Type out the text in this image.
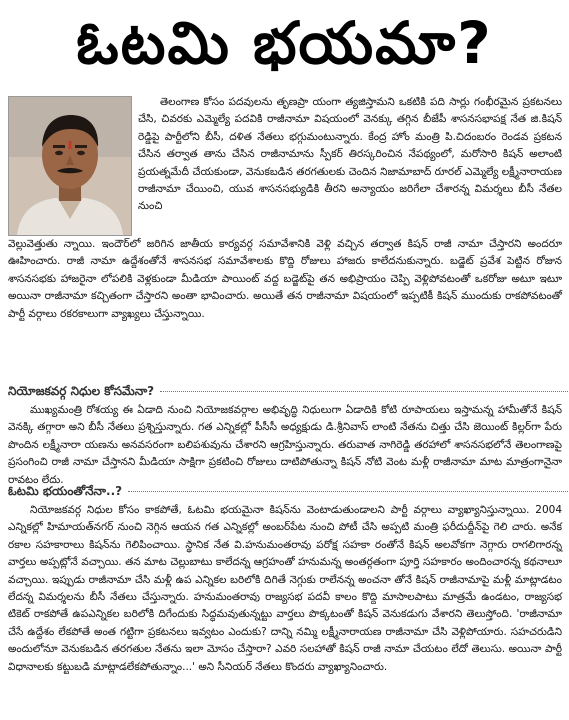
ఓటమి భయమా?
తెలంగాణ కోసం పదవులను తృణప్రా యంగా త్యజిస్తామని ఒకటికి పది సార్లు గంభీరమైన ప్రకటనలు చేసి, చివరకు ఎమ్మెల్యే పదవికి రాజీనామా విషయంలో వెనక్కు తగ్గిన బీజేపీ శాసనసభాపక్ష నేత జి.కిషన్ రెడ్డిపై పార్టీలోని బీసీ, దళిత నేతలు భగ్గుమంటున్నారు. కేంద్ర హోం మంత్రి పి.చిదంబరం రెండవ ప్రకటన చేసిన తర్వాత తాను చేసిన రాజీనామాను స్పీకర్ తిరస్కరించిన నేపథ్యంలో, మరోసారి కిషన్ అలాంటి ప్రయత్నమేదీ చేయకుండా, వెనుకబడిన తరగతులకు చెందిన నిజామాబాద్ రూరల్ ఎమ్మెల్యే లక్ష్మీనారాయణ రాజీనామా చేయించి, యువ శాసనసభ్యుడికి తీరని అన్యాయం జరిగేలా చేశారన్న విమర్శలు బీసీ నేతల నుంచి
వెల్లువెత్తుతు న్నాయి. ఇందౌర్‌లో జరిగిన జాతీయ కార్యవర్గ సమావేశానికి వెళ్లి వచ్చిన తర్వాత కిషన్ రాజీ నామా చేస్తారని అందరూ ఊహించారు. రాజీ నామా ఉద్దేశంతోనే శాసనసభ సమావేశాలకు కొద్ది రోజులు హాజరు కాలేదనుకున్నారు. బడ్జెట్ ప్రవేశ పెట్టిన రోజున శాసనసభకు హాజరైనా లోపలికి వెళ్లకుండా మీడియా పాయింట్ వద్ద బడ్జెట్‌పై తన అభిప్రాయం చెప్పి వెళ్లిపోవటంతో ఒకరోజు అటూ ఇటూ అయినా రాజీనామా కచ్చితంగా చేస్తారని అంతా భావించారు. అయితే తన రాజీనామా విషయంలో ఇప్పటికీ కిషన్ ముందుకు రాకపోవటంతో పార్టీ వర్గాలు రకరకాలుగా వ్యాఖ్యలు చేస్తున్నాయి.
నియోజకవర్గ నిధుల కోసమేనా?
ముఖ్యమంత్రి రోశయ్య ఈ ఏడాది నుంచి నియోజకవర్గాల అభివృద్ధి నిధులుగా ఏడాదికి కోటి రూపాయలు ఇస్తామన్న హామీతోనే కిషన్ వెనక్కి తగ్గారా అని బీసీ నేతలు ప్రశ్నిస్తున్నారు. గత ఎన్నికల్లో పీసీసీ అధ్యక్షుడు డి.శ్రీనివాస్ లాంటి నేతను చిత్తు చేసి జెయింట్ కిల్లర్‌గా పేరు పొందిన లక్ష్మీనారా యణను అనవసరంగా బలిపశువును చేశారని ఆగ్రహిస్తున్నారు. తరువాత నాగిరెడ్డి తరహాలో శాసనసభలోనే తెలంగాణపై ప్రసంగించి రాజీ నామా చేస్తానని మీడియా సాక్షిగా ప్రకటించి రోజులు దాటిపోతున్నా కిషన్ నోటి వెంట మళ్లీ రాజీనామా మాట మాత్రంగానైనా రావటం లేదు.
ఓటమి భయంతోనేనా..?
నియోజకవర్గ నిధుల కోసం కాకపోతే, ఓటమి భయమైనా కిషన్‌ను వెంటాడుతుండాలని పార్టీ వర్గాలు వ్యాఖ్యానిస్తున్నాయి. 2004 ఎన్నికల్లో హిమాయత్‌నగర్ నుంచి నెగ్గిన ఆయన గత ఎన్నికల్లో అంబర్‌పేట నుంచి పోటీ చేసి అప్పటి మంత్రి ఫరీదుద్దీన్‌పై గెలి చారు. అనేక రకాల సహకారాలు కిషన్‌ను గెలిపించాయి. స్థానిక నేత వి.హనుమంతరావు పరోక్ష సహకా రంతోనే కిషన్ అలవోకగా నెగ్గారు రాగలిగారన్న వార్తలు అప్పట్లోనే వచ్చాయి. తన మాట చెల్లుబాటు కాలేదన్న ఆగ్రహంతో హనుమన్న అంతర్గతంగా పూర్తి సహకారం అందించారన్న కథనాలూ వచ్చాయి. ఇప్పుడు రాజీనామా చేసి మళ్లీ ఉప ఎన్నికల బరిలోకి దిగితే నెగ్గుకు రాలేనన్న అంచనా తోనే కిషన్ రాజీనామాపై మళ్లీ మాట్లాడటం లేదన్న విమర్శలను బీసీ నేతలు చేస్తున్నారు. హనుమంతరావు రాజ్యసభ పదవీ కాలం కొద్ది మాసాలపాటు మాత్రమే ఉండటం, రాజ్యసభ టికెట్ రాకపోతే ఉపఎన్నికల బరిలోకి దిగేందుకు సిద్ధమవుతున్నట్టు వార్తలు పొక్కటంతో కిషన్ వెనుకడుగు వేశారని తెలుస్తోంది. 'రాజీనామా చేసే ఉద్దేశం లేకపోతే అంత గట్టిగా ప్రకటనలు ఇవ్వటం ఎందుకు? దాన్ని నమ్మి లక్ష్మీనారాయణ రాజీనామా చేసి వెళ్లిపోయారు. సహచరుడిని అందులోనూ వెనుకబడిన తరగతుల నేతను ఇలా మోసం చేస్తారా? ఎవరి సలహాతో కిషన్ రాజీ నామా చేయటం లేదో తెలుసు. అయినా పార్టీ విధానాలకు కట్టుబడి మాట్లాడలేకపోతున్నాం...' అని సీనియర్ నేతలు కొందరు వ్యాఖ్యానించారు.
